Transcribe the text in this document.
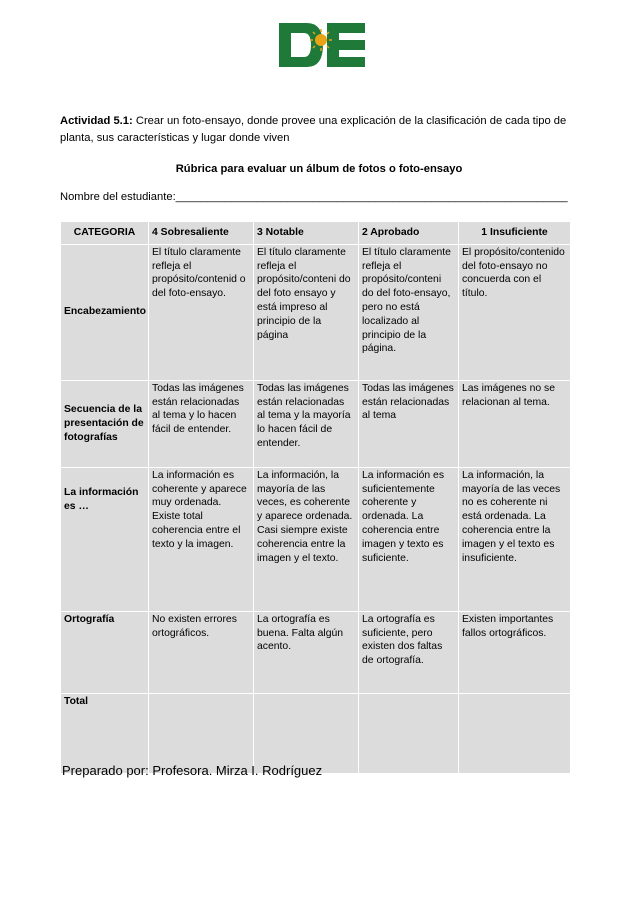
Actividad 5.1: Crear un foto-ensayo, donde provee una explicación de la clasificación de cada tipo de planta, sus características y lugar donde viven
Rúbrica para evaluar un álbum de fotos o foto-ensayo
Nombre del estudiante:_______________________________________________________________
CATEGORIA	4 Sobresaliente	3 Notable	2 Aprobado	1 Insuficiente
Encabezamiento	El título claramente refleja el propósito/contenid o del foto-ensayo.	El título claramente refleja el propósito/conteni do del foto ensayo y está impreso al principio de la página	El título claramente refleja el propósito/conteni do del foto-ensayo, pero no está localizado al principio de la página.	El propósito/contenido del foto-ensayo no concuerda con el título.
Secuencia de la presentación de fotografías	Todas las imágenes están relacionadas al tema y lo hacen fácil de entender.	Todas las imágenes están relacionadas al tema y la mayoría lo hacen fácil de entender.	Todas las imágenes están relacionadas al tema	Las imágenes no se relacionan al tema.
La información es …	La información es coherente y aparece muy ordenada. Existe total coherencia entre el texto y la imagen.	La información, la mayoría de las veces, es coherente y aparece ordenada. Casi siempre existe coherencia entre la imagen y el texto.	La información es suficientemente coherente y ordenada. La coherencia entre imagen y texto es suficiente.	La información, la mayoría de las veces no es coherente ni está ordenada. La coherencia entre la imagen y el texto es insuficiente.
Ortografía	No existen errores ortográficos.	La ortografía es buena. Falta algún acento.	La ortografía es suficiente, pero existen dos faltas de ortografía.	Existen importantes fallos ortográficos.
Total				
Preparado por: Profesora. Mirza I. Rodríguez
